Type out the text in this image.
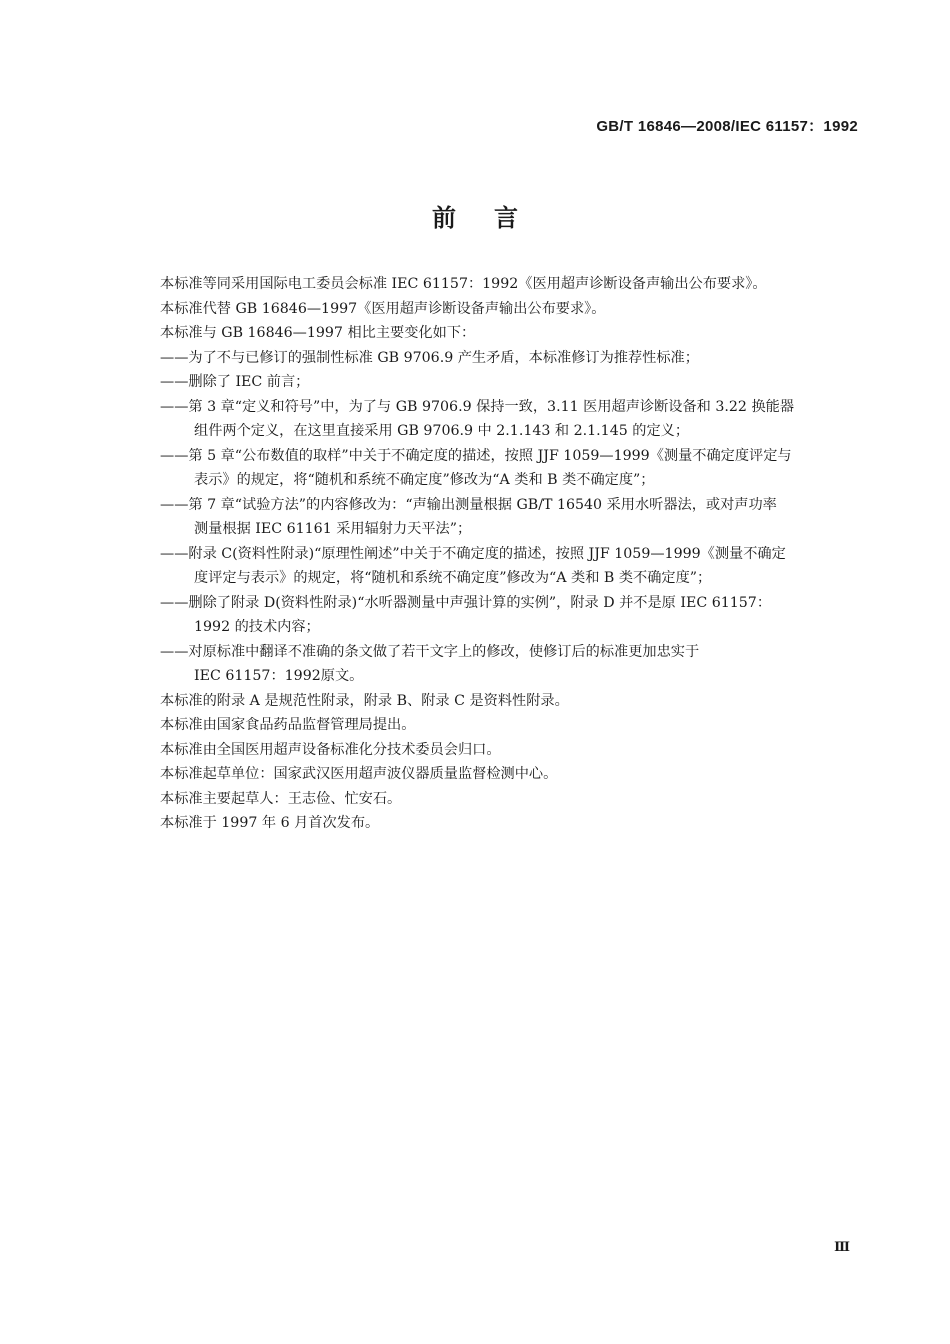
GB/T 16846—2008/IEC 61157：1992
前言

本标准等同采用国际电工委员会标准 IEC 61157：1992《医用超声诊断设备声输出公布要求》。

本标准代替 GB 16846—1997《医用超声诊断设备声输出公布要求》。

本标准与 GB 16846—1997 相比主要变化如下：

——为了不与已修订的强制性标准 GB 9706.9 产生矛盾，本标准修订为推荐性标准；
——删除了 IEC 前言；
——第 3 章“定义和符号”中，为了与 GB 9706.9 保持一致，3.11 医用超声诊断设备和 3.22 换能器
组件两个定义，在这里直接采用 GB 9706.9 中 2.1.143 和 2.1.145 的定义；
——第 5 章“公布数值的取样”中关于不确定度的描述，按照 JJF 1059—1999《测量不确定度评定与
表示》的规定，将“随机和系统不确定度”修改为“A 类和 B 类不确定度”；
——第 7 章“试验方法”的内容修改为：“声输出测量根据 GB/T 16540 采用水听器法，或对声功率
测量根据 IEC 61161 采用辐射力天平法”；
——附录 C(资料性附录)“原理性阐述”中关于不确定度的描述，按照 JJF 1059—1999《测量不确定
度评定与表示》的规定，将“随机和系统不确定度”修改为“A 类和 B 类不确定度”；
——删除了附录 D(资料性附录)“水听器测量中声强计算的实例”，附录 D 并不是原 IEC 61157：
1992 的技术内容；
——对原标准中翻译不准确的条文做了若干文字上的修改，使修订后的标准更加忠实于
IEC 61157：1992原文。

本标准的附录 A 是规范性附录，附录 B、附录 C 是资料性附录。

本标准由国家食品药品监督管理局提出。

本标准由全国医用超声设备标准化分技术委员会归口。

本标准起草单位：国家武汉医用超声波仪器质量监督检测中心。

本标准主要起草人：王志俭、忙安石。

本标准于 1997 年 6 月首次发布。

Ⅲ
